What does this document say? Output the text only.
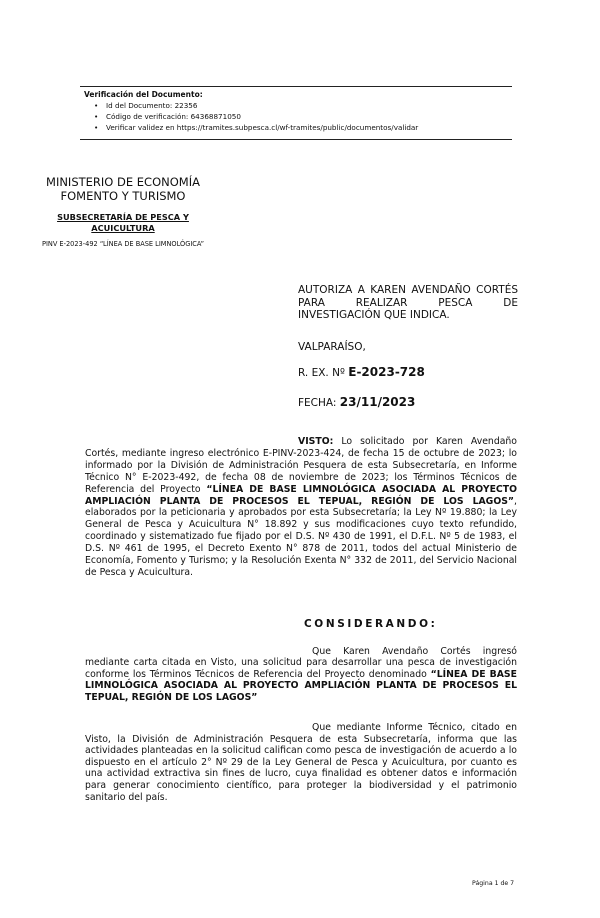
Verificación del Documento:
• Id del Documento: 22356
• Código de verificación: 64368871050
• Verificar validez en https://tramites.subpesca.cl/wf-tramites/public/documentos/validar
MINISTERIO DE ECONOMÍA
FOMENTO Y TURISMO
SUBSECRETARÍA DE PESCA Y ACUICULTURA
PINV E-2023-492 “LÍNEA DE BASE LIMNOLÓGICA”
AUTORIZA A KAREN AVENDAÑO CORTÉS PARA REALIZAR PESCA DE INVESTIGACIÓN QUE INDICA.
VALPARAÍSO,
R. EX. Nº E-2023-728
FECHA: 23/11/2023
VISTO: Lo solicitado por Karen Avendaño Cortés, mediante ingreso electrónico E-PINV-2023-424, de fecha 15 de octubre de 2023; lo informado por la División de Administración Pesquera de esta Subsecretaría, en Informe Técnico N° E-2023-492, de fecha 08 de noviembre de 2023; los Términos Técnicos de Referencia del Proyecto “LÍNEA DE BASE LIMNOLÓGICA ASOCIADA AL PROYECTO AMPLIACIÓN PLANTA DE PROCESOS EL TEPUAL, REGIÓN DE LOS LAGOS”, elaborados por la peticionaria y aprobados por esta Subsecretaría; la Ley Nº 19.880; la Ley General de Pesca y Acuicultura N° 18.892 y sus modificaciones cuyo texto refundido, coordinado y sistematizado fue fijado por el D.S. Nº 430 de 1991, el D.F.L. Nº 5 de 1983, el D.S. Nº 461 de 1995, el Decreto Exento N° 878 de 2011, todos del actual Ministerio de Economía, Fomento y Turismo; y la Resolución Exenta N° 332 de 2011, del Servicio Nacional de Pesca y Acuicultura.
CONSIDERANDO:
Que Karen Avendaño Cortés ingresó mediante carta citada en Visto, una solicitud para desarrollar una pesca de investigación conforme los Términos Técnicos de Referencia del Proyecto denominado “LÍNEA DE BASE LIMNOLÓGICA ASOCIADA AL PROYECTO AMPLIACIÓN PLANTA DE PROCESOS EL TEPUAL, REGIÓN DE LOS LAGOS”
Que mediante Informe Técnico, citado en Visto, la División de Administración Pesquera de esta Subsecretaría, informa que las actividades planteadas en la solicitud califican como pesca de investigación de acuerdo a lo dispuesto en el artículo 2° Nº 29 de la Ley General de Pesca y Acuicultura, por cuanto es una actividad extractiva sin fines de lucro, cuya finalidad es obtener datos e información para generar conocimiento científico, para proteger la biodiversidad y el patrimonio sanitario del país.
Página 1 de 7
